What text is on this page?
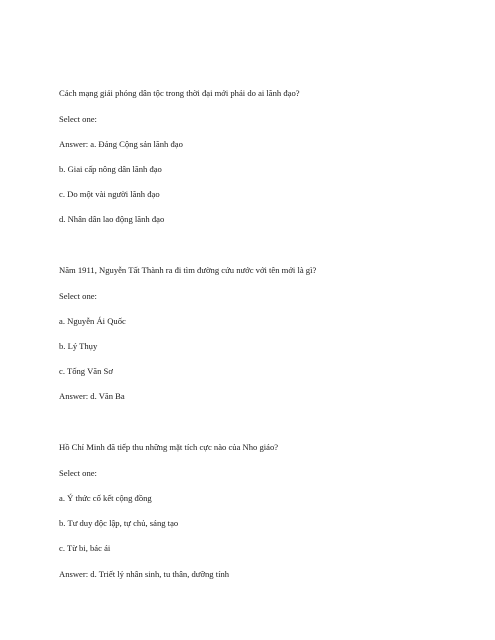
Cách mạng giải phóng dân tộc trong thời đại mới phải do ai lãnh đạo?
Select one:
Answer: a. Đảng Cộng sản lãnh đạo
b. Giai cấp nông dân lãnh đạo
c. Do một vài người lãnh đạo
d. Nhân dân lao động lãnh đạo
Năm 1911, Nguyễn Tất Thành ra đi tìm đường cứu nước với tên mới là gì?
Select one:
a. Nguyễn Ái Quốc
b. Lý Thụy
c. Tống Văn Sơ
Answer: d. Văn Ba
Hồ Chí Minh đã tiếp thu những mặt tích cực nào của Nho giáo?
Select one:
a. Ý thức cố kết cộng đồng
b. Tư duy độc lập, tự chủ, sáng tạo
c. Từ bi, bác ái
Answer: d. Triết lý nhân sinh, tu thân, dưỡng tính
